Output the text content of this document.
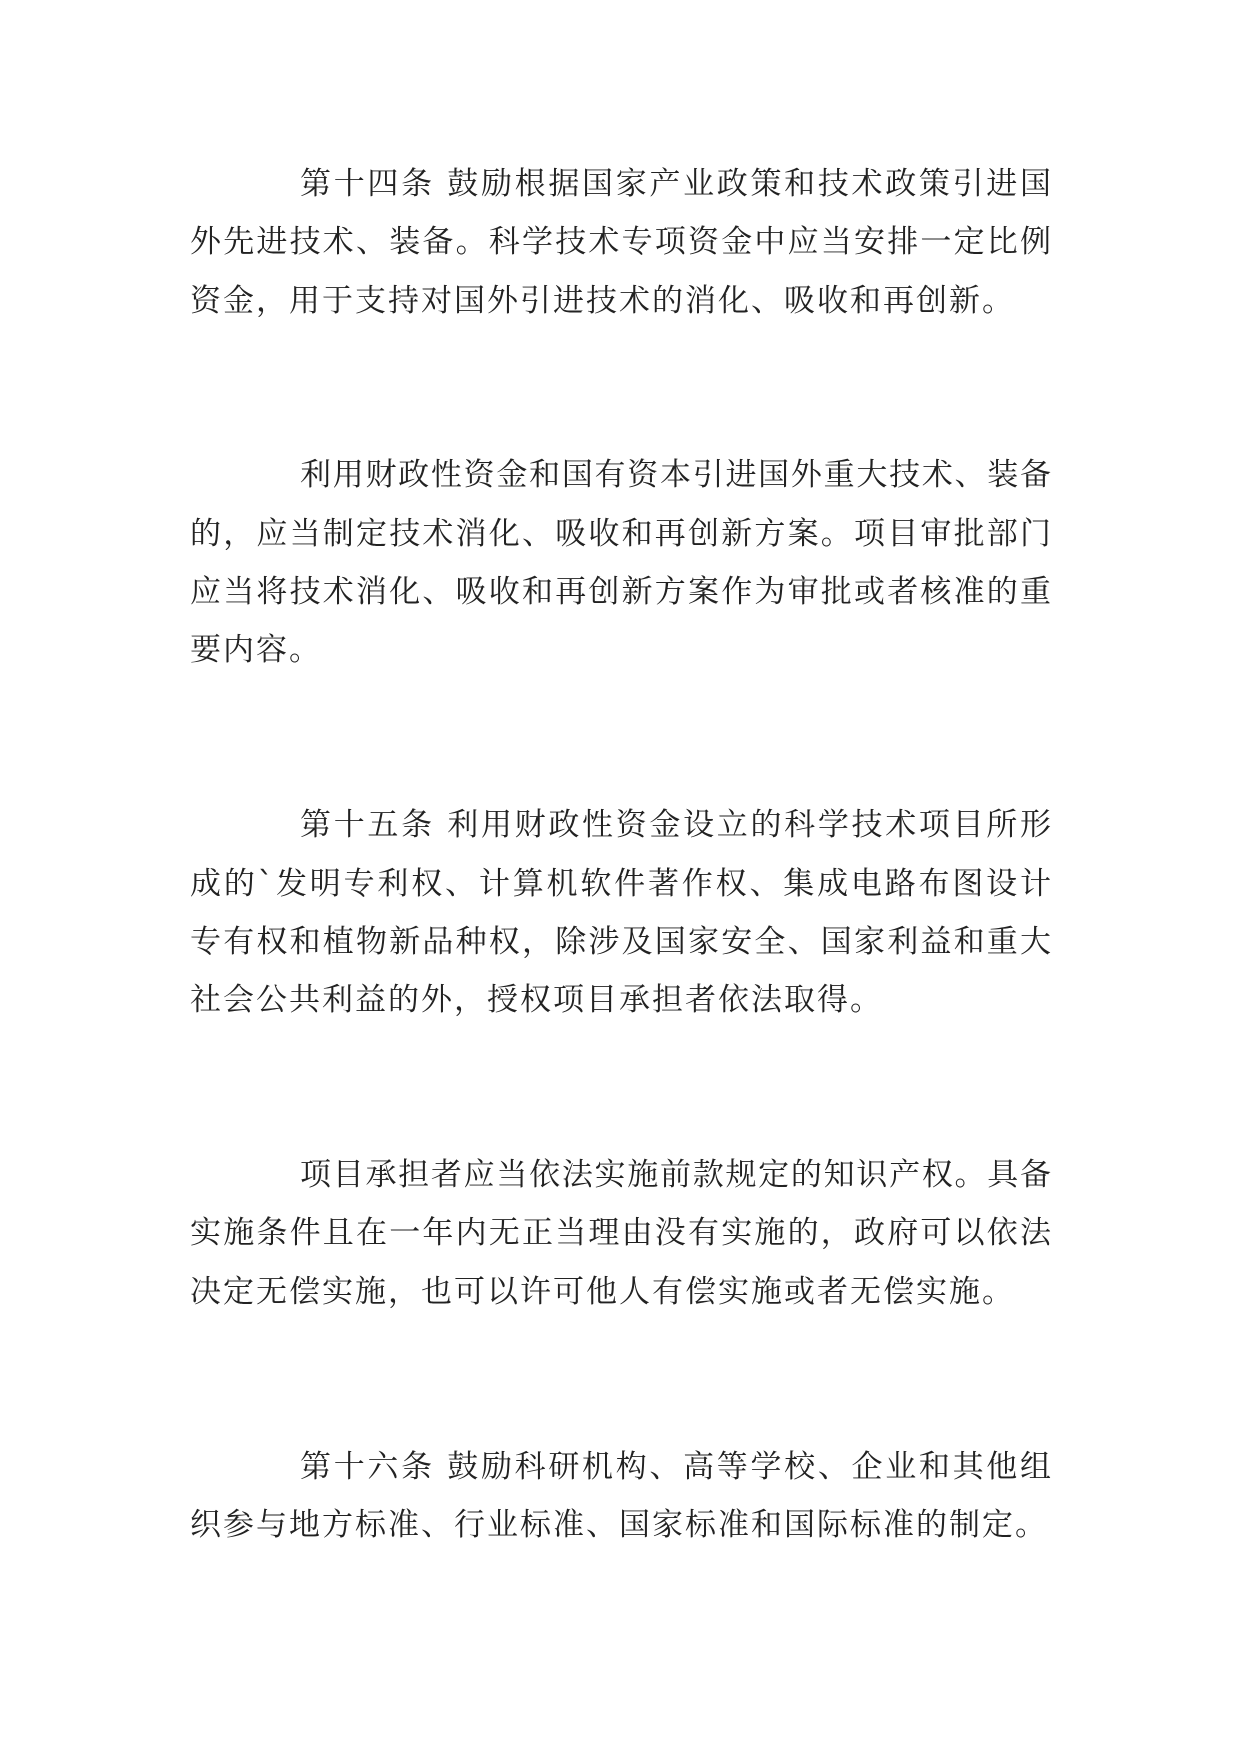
第十四条 鼓励根据国家产业政策和技术政策引进国
外先进技术、装备。科学技术专项资金中应当安排一定比例
资金，用于支持对国外引进技术的消化、吸收和再创新。
利用财政性资金和国有资本引进国外重大技术、装备
的，应当制定技术消化、吸收和再创新方案。项目审批部门
应当将技术消化、吸收和再创新方案作为审批或者核准的重
要内容。
第十五条 利用财政性资金设立的科学技术项目所形
成的`发明专利权、计算机软件著作权、集成电路布图设计
专有权和植物新品种权，除涉及国家安全、国家利益和重大
社会公共利益的外，授权项目承担者依法取得。
项目承担者应当依法实施前款规定的知识产权。具备
实施条件且在一年内无正当理由没有实施的，政府可以依法
决定无偿实施，也可以许可他人有偿实施或者无偿实施。
第十六条 鼓励科研机构、高等学校、企业和其他组
织参与地方标准、行业标准、国家标准和国际标准的制定。
